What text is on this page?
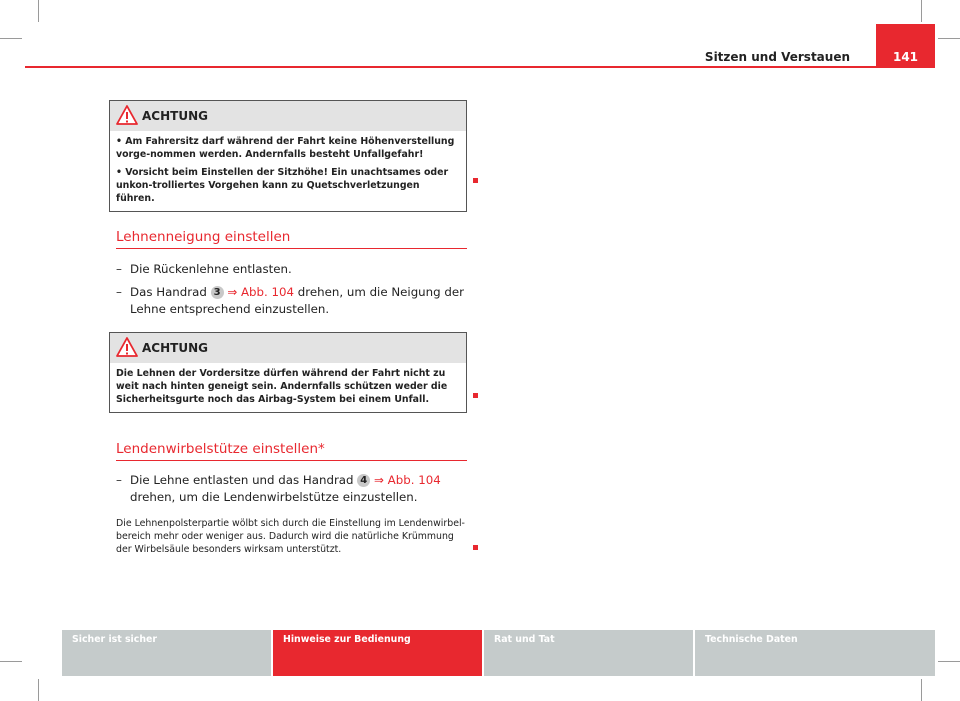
Sitzen und Verstauen	141
ACHTUNG

• Am Fahrersitz darf während der Fahrt keine Höhenverstellung vorge-nommen werden. Andernfalls besteht Unfallgefahr!

• Vorsicht beim Einstellen der Sitzhöhe! Ein unachtsames oder unkon-trolliertes Vorgehen kann zu Quetschverletzungen führen.

Lehnenneigung einstellen
– Die Rückenlehne entlasten.
– Das Handrad 3 ⇒ Abb. 104 drehen, um die Neigung der Lehne entsprechend einzustellen.
ACHTUNG

Die Lehnen der Vordersitze dürfen während der Fahrt nicht zu weit nach hinten geneigt sein. Andernfalls schützen weder die Sicherheitsgurte noch das Airbag-System bei einem Unfall.

Lendenwirbelstütze einstellen*
– Die Lehne entlasten und das Handrad 4 ⇒ Abb. 104 drehen, um die Lendenwirbelstütze einzustellen.
Die Lehnenpolsterpartie wölbt sich durch die Einstellung im Lendenwirbel-bereich mehr oder weniger aus. Dadurch wird die natürliche Krümmung der Wirbelsäule besonders wirksam unterstützt.
Sicher ist sicher	Hinweise zur Bedienung	Rat und Tat	Technische Daten
